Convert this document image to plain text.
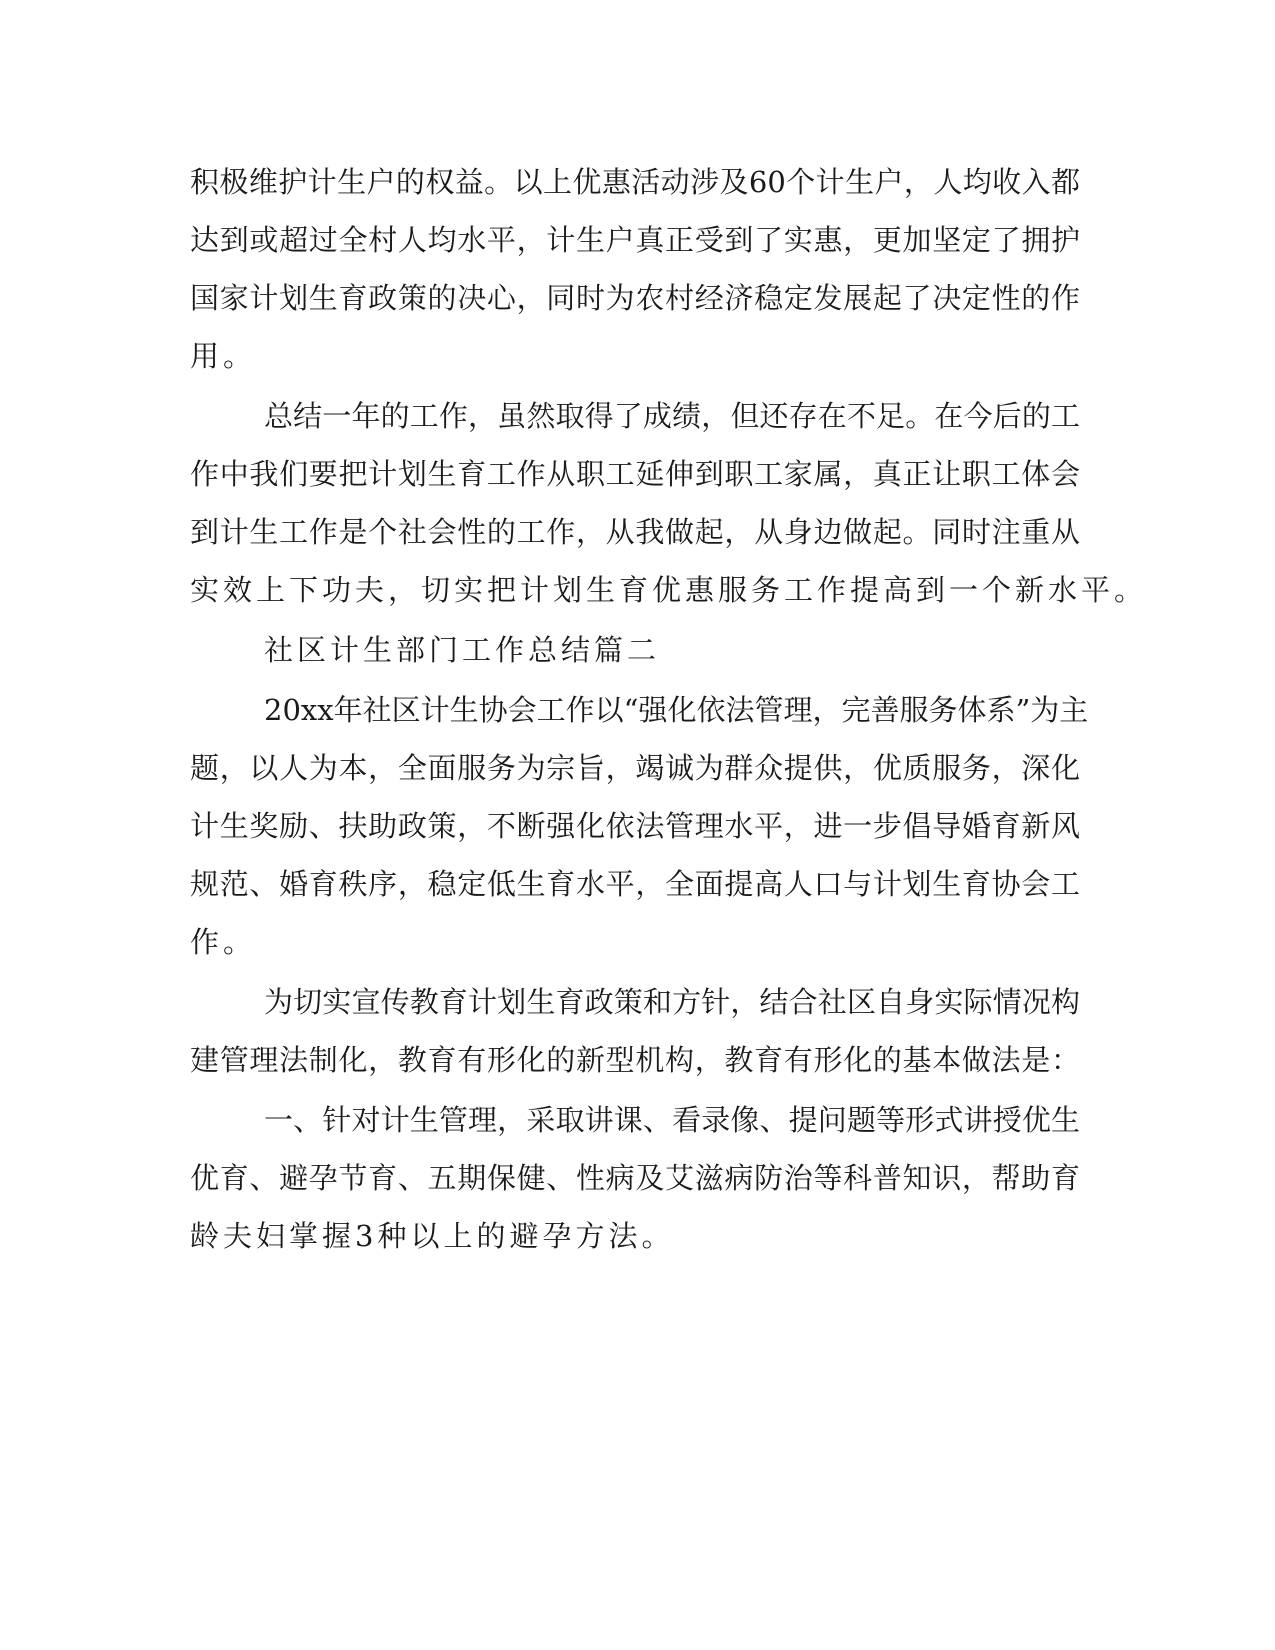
积极维护计生户的权益。以上优惠活动涉及60个计生户，人均收入都
达到或超过全村人均水平，计生户真正受到了实惠，更加坚定了拥护
国家计划生育政策的决心，同时为农村经济稳定发展起了决定性的作
用。
总结一年的工作，虽然取得了成绩，但还存在不足。在今后的工
作中我们要把计划生育工作从职工延伸到职工家属，真正让职工体会
到计生工作是个社会性的工作，从我做起，从身边做起。同时注重从
实效上下功夫，切实把计划生育优惠服务工作提高到一个新水平。
社区计生部门工作总结篇二
20xx年社区计生协会工作以“强化依法管理，完善服务体系”为主
题，以人为本，全面服务为宗旨，竭诚为群众提供，优质服务，深化
计生奖励、扶助政策，不断强化依法管理水平，进一步倡导婚育新风
规范、婚育秩序，稳定低生育水平，全面提高人口与计划生育协会工
作。
为切实宣传教育计划生育政策和方针，结合社区自身实际情况构
建管理法制化，教育有形化的新型机构，教育有形化的基本做法是：
一、针对计生管理，采取讲课、看录像、提问题等形式讲授优生
优育、避孕节育、五期保健、性病及艾滋病防治等科普知识，帮助育
龄夫妇掌握3种以上的避孕方法。
